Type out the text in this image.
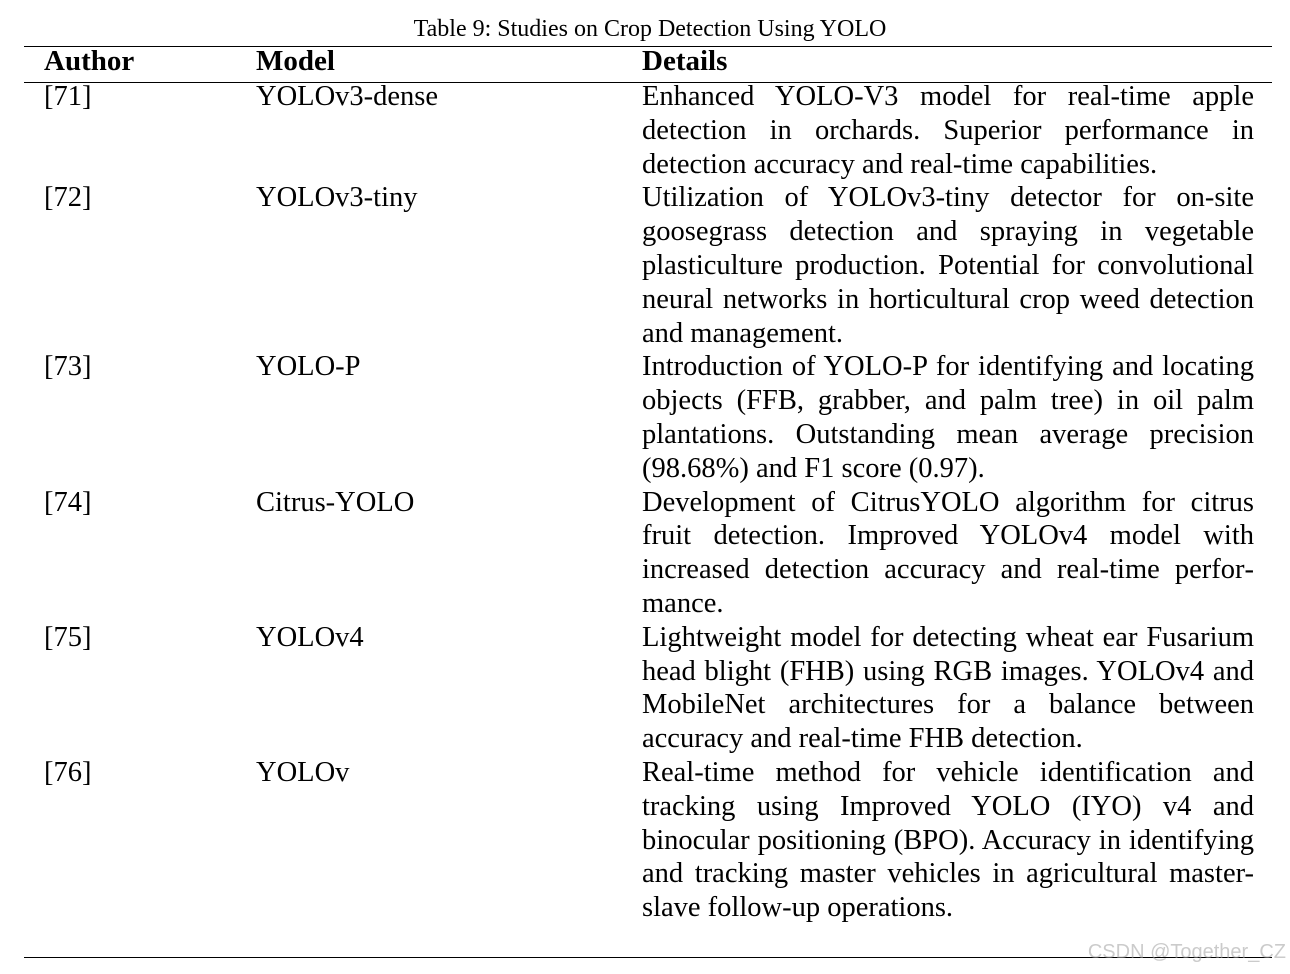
Table 9: Studies on Crop Detection Using YOLO
Author	Model	Details
[71]	YOLOv3-dense	Enhanced YOLO-V3 model for real-time apple detection in orchards. Superior performance in detection accuracy and real-time capabilities.
[72]	YOLOv3-tiny	Utilization of YOLOv3-tiny detector for on-site goosegrass detection and spraying in vegetable plasticulture production. Potential for convolutional neural networks in horticultural crop weed detection and management.
[73]	YOLO-P	Introduction of YOLO-P for identifying and locating objects (FFB, grabber, and palm tree) in oil palm plantations. Outstanding mean average precision (98.68%) and F1 score (0.97).
[74]	Citrus-YOLO	Development of CitrusYOLO algorithm for citrus fruit detection. Improved YOLOv4 model with increased detection accuracy and real-time performance.
[75]	YOLOv4	Lightweight model for detecting wheat ear Fusarium head blight (FHB) using RGB images. YOLOv4 and MobileNet architectures for a balance between accuracy and real-time FHB detection.
[76]	YOLOv	Real-time method for vehicle identification and tracking using Improved YOLO (IYO) v4 and binocular positioning (BPO). Accuracy in identifying and tracking master vehicles in agricultural master-slave follow-up operations.
CSDN @Together_CZ
